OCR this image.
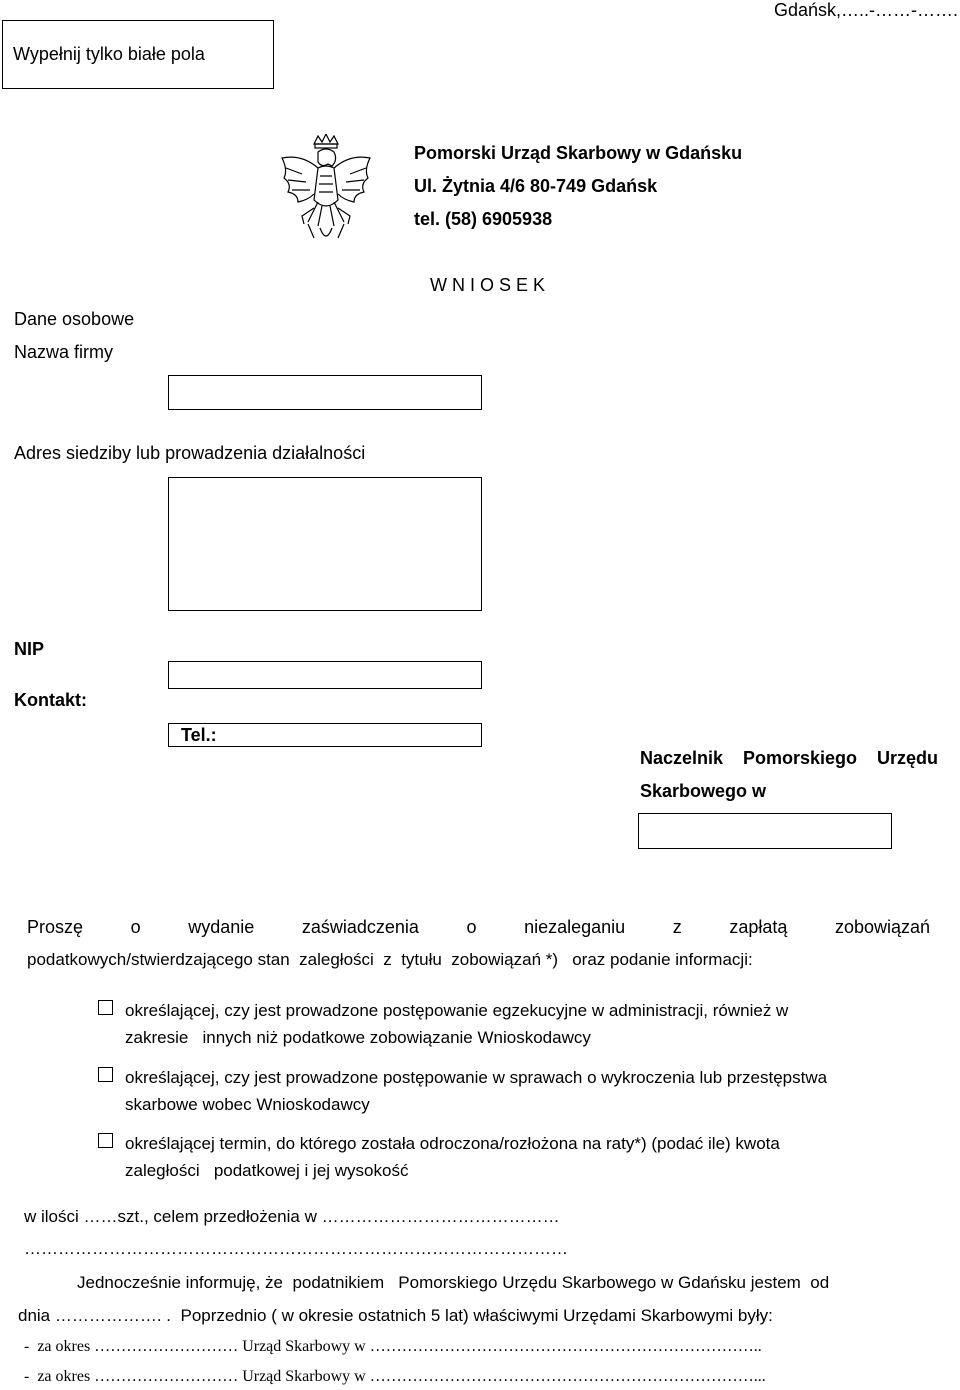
Gdańsk,…..-……-…….
Wypełnij tylko białe pola
Pomorski Urząd Skarbowy w Gdańsku
Ul. Żytnia 4/6 80-749 Gdańsk
tel. (58) 6905938
W N I O S E K
Dane osobowe
Nazwa firmy
Adres siedziby lub prowadzenia działalności
NIP
Kontakt:
Tel.:
Naczelnik Pomorskiego Urzędu
Skarbowego w
Proszę	o	wydanie	zaświadczenia	o	niezaleganiu	z	zapłatą	zobowiązań
podatkowych/stwierdzającego stan  zaległości  z  tytułu  zobowiązań *)   oraz podanie informacji:
określającej, czy jest prowadzone postępowanie egzekucyjne w administracji, również w
zakresie   innych niż podatkowe zobowiązanie Wnioskodawcy
określającej, czy jest prowadzone postępowanie w sprawach o wykroczenia lub przestępstwa
skarbowe wobec Wnioskodawcy
określającej termin, do którego została odroczona/rozłożona na raty*) (podać ile) kwota
zaległości   podatkowej i jej wysokość
w ilości ……szt., celem przedłożenia w ……………………………………
……………………………………………………………………………………
Jednocześnie informuję, że  podatnikiem   Pomorskiego Urzędu Skarbowego w Gdańsku jestem  od
dnia ………………. .  Poprzednio ( w okresie ostatnich 5 lat) właściwymi Urzędami Skarbowymi były:
-  za okres ……………………… Urząd Skarbowy w ………………………………………………………………..
-  za okres ……………………… Urząd Skarbowy w ………………………………………………………………...
